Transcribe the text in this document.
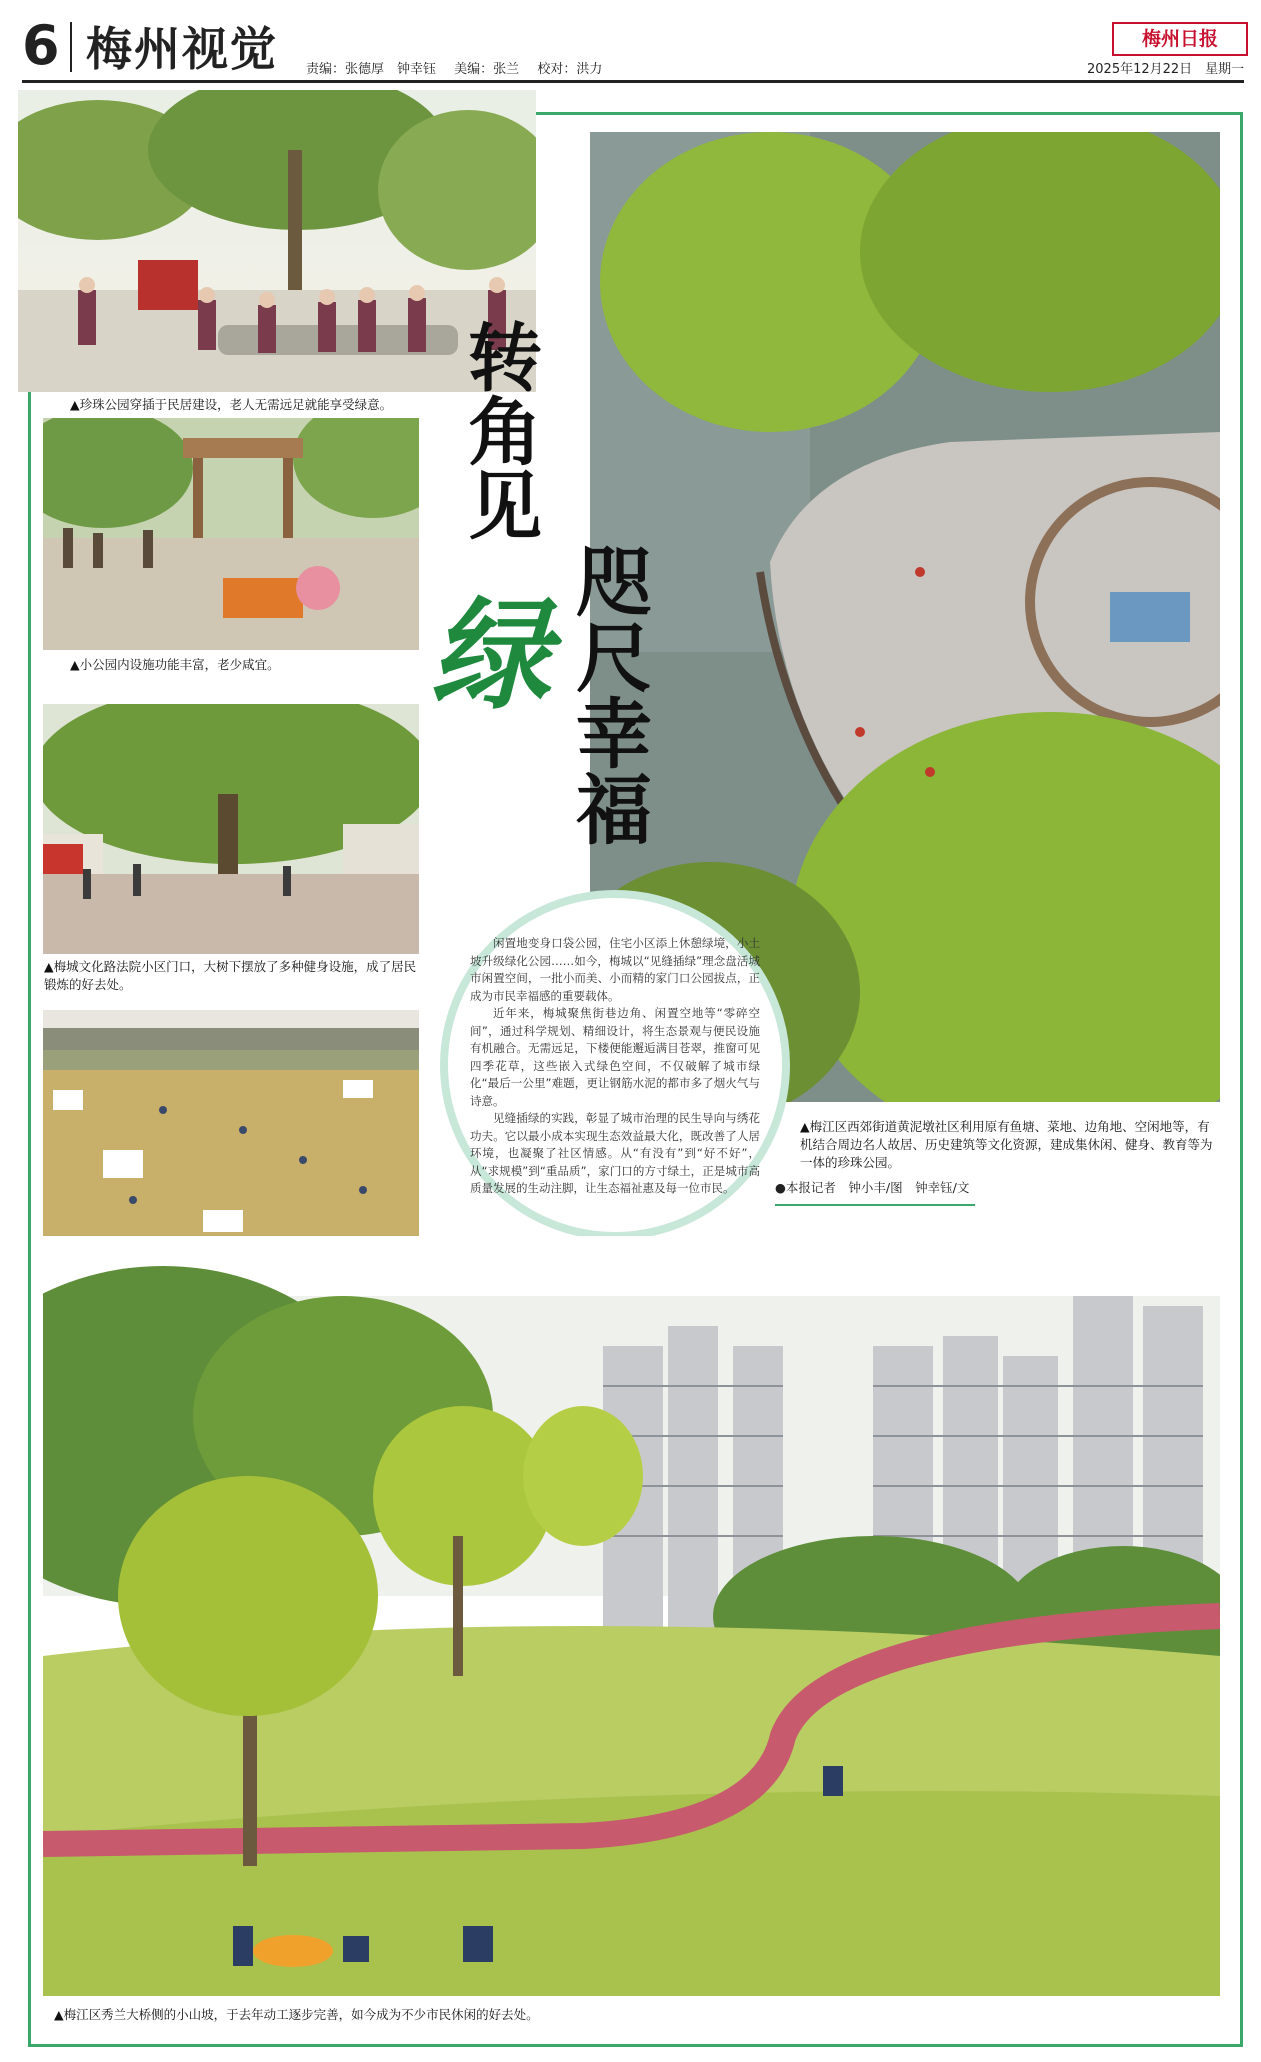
6 梅州视觉 责编：张德厚　钟幸钰 美编：张兰 校对：洪力
梅州日报
2025年12月22日　星期一
▲珍珠公园穿插于民居建设，老人无需远足就能享受绿意。
▲小公园内设施功能丰富，老少咸宜。
▲梅城文化路法院小区门口，大树下摆放了多种健身设施，成了居民锻炼的好去处。
▲梅江区西郊街道黄泥墩社区利用原有鱼塘、菜地、边角地、空闲地等，有机结合周边名人故居、历史建筑等文化资源，建成集休闲、健身、教育等为一体的珍珠公园。
转角见
绿
咫尺幸福

闲置地变身口袋公园，住宅小区添上休憩绿境，小土坡升级绿化公园……如今，梅城以“见缝插绿”理念盘活城市闲置空间，一批小而美、小而精的家门口公园拔点，正成为市民幸福感的重要载体。

近年来，梅城聚焦街巷边角、闲置空地等“零碎空间”，通过科学规划、精细设计，将生态景观与便民设施有机融合。无需远足，下楼便能邂逅满目苍翠，推窗可见四季花草，这些嵌入式绿色空间，不仅破解了城市绿化“最后一公里”难题，更让钢筋水泥的都市多了烟火气与诗意。

见缝插绿的实践，彰显了城市治理的民生导向与绣花功夫。它以最小成本实现生态效益最大化，既改善了人居环境，也凝聚了社区情感。从“有没有”到“好不好”，从“求规模”到“重品质”，家门口的方寸绿土，正是城市高质量发展的生动注脚，让生态福祉惠及每一位市民。	●本报记者　钟小丰/图　钟幸钰/文
▲梅江区秀兰大桥侧的小山坡，于去年动工逐步完善，如今成为不少市民休闲的好去处。
